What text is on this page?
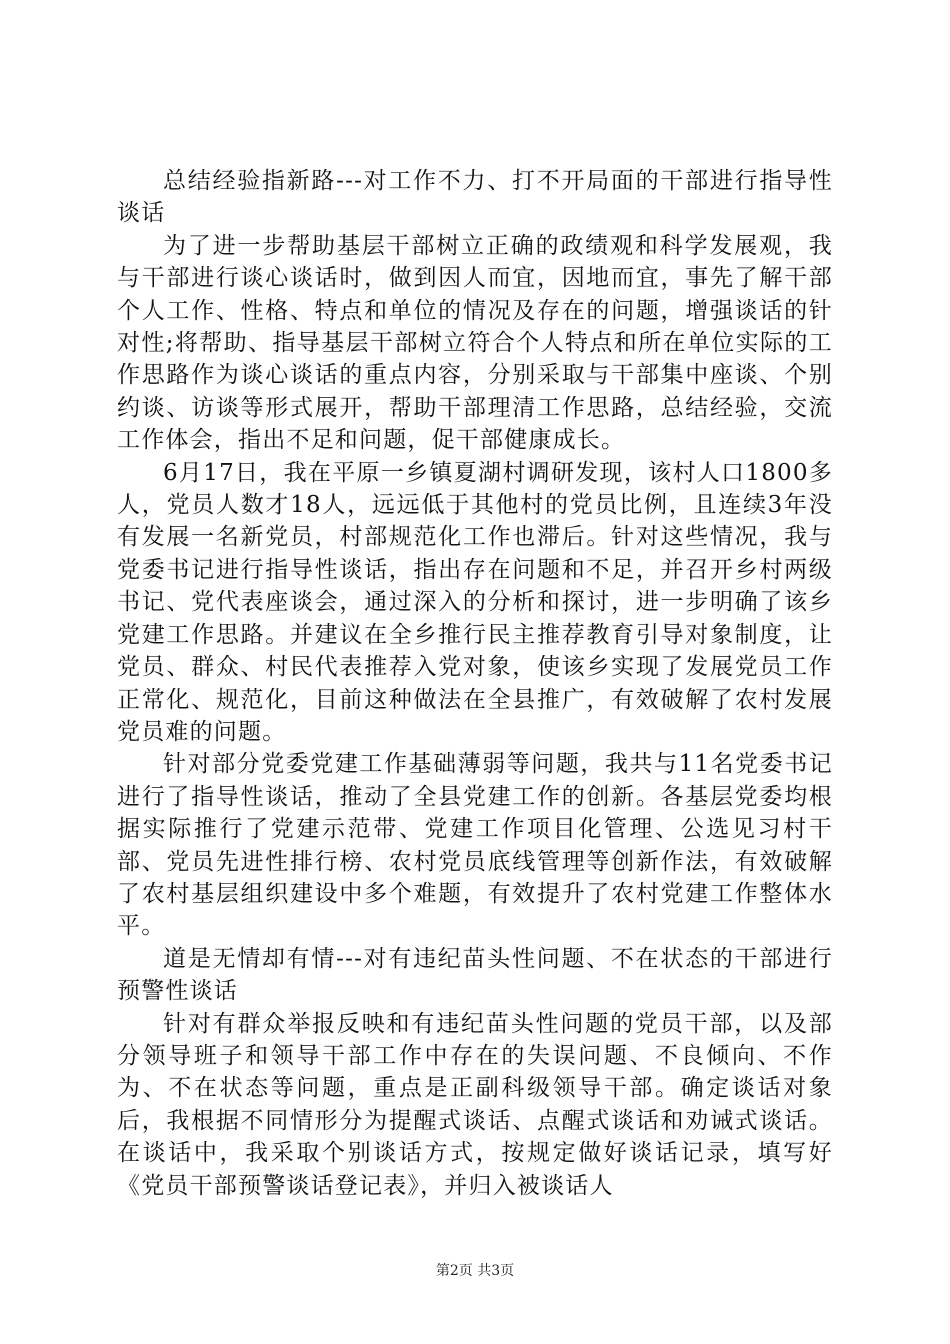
总结经验指新路---对工作不力、打不开局面的干部进行指导性谈话

为了进一步帮助基层干部树立正确的政绩观和科学发展观，我与干部进行谈心谈话时，做到因人而宜，因地而宜，事先了解干部个人工作、性格、特点和单位的情况及存在的问题，增强谈话的针对性;将帮助、指导基层干部树立符合个人特点和所在单位实际的工作思路作为谈心谈话的重点内容，分别采取与干部集中座谈、个别约谈、访谈等形式展开，帮助干部理清工作思路，总结经验，交流工作体会，指出不足和问题，促干部健康成长。

6月17日，我在平原一乡镇夏湖村调研发现，该村人口1800多人，党员人数才18人，远远低于其他村的党员比例，且连续3年没有发展一名新党员，村部规范化工作也滞后。针对这些情况，我与党委书记进行指导性谈话，指出存在问题和不足，并召开乡村两级书记、党代表座谈会，通过深入的分析和探讨，进一步明确了该乡党建工作思路。并建议在全乡推行民主推荐教育引导对象制度，让党员、群众、村民代表推荐入党对象，使该乡实现了发展党员工作正常化、规范化，目前这种做法在全县推广，有效破解了农村发展党员难的问题。

针对部分党委党建工作基础薄弱等问题，我共与11名党委书记进行了指导性谈话，推动了全县党建工作的创新。各基层党委均根据实际推行了党建示范带、党建工作项目化管理、公选见习村干部、党员先进性排行榜、农村党员底线管理等创新作法，有效破解了农村基层组织建设中多个难题，有效提升了农村党建工作整体水平。

道是无情却有情---对有违纪苗头性问题、不在状态的干部进行预警性谈话

针对有群众举报反映和有违纪苗头性问题的党员干部，以及部分领导班子和领导干部工作中存在的失误问题、不良倾向、不作为、不在状态等问题，重点是正副科级领导干部。确定谈话对象后，我根据不同情形分为提醒式谈话、点醒式谈话和劝诫式谈话。在谈话中，我采取个别谈话方式，按规定做好谈话记录，填写好《党员干部预警谈话登记表》，并归入被谈话人

第2页 共3页
